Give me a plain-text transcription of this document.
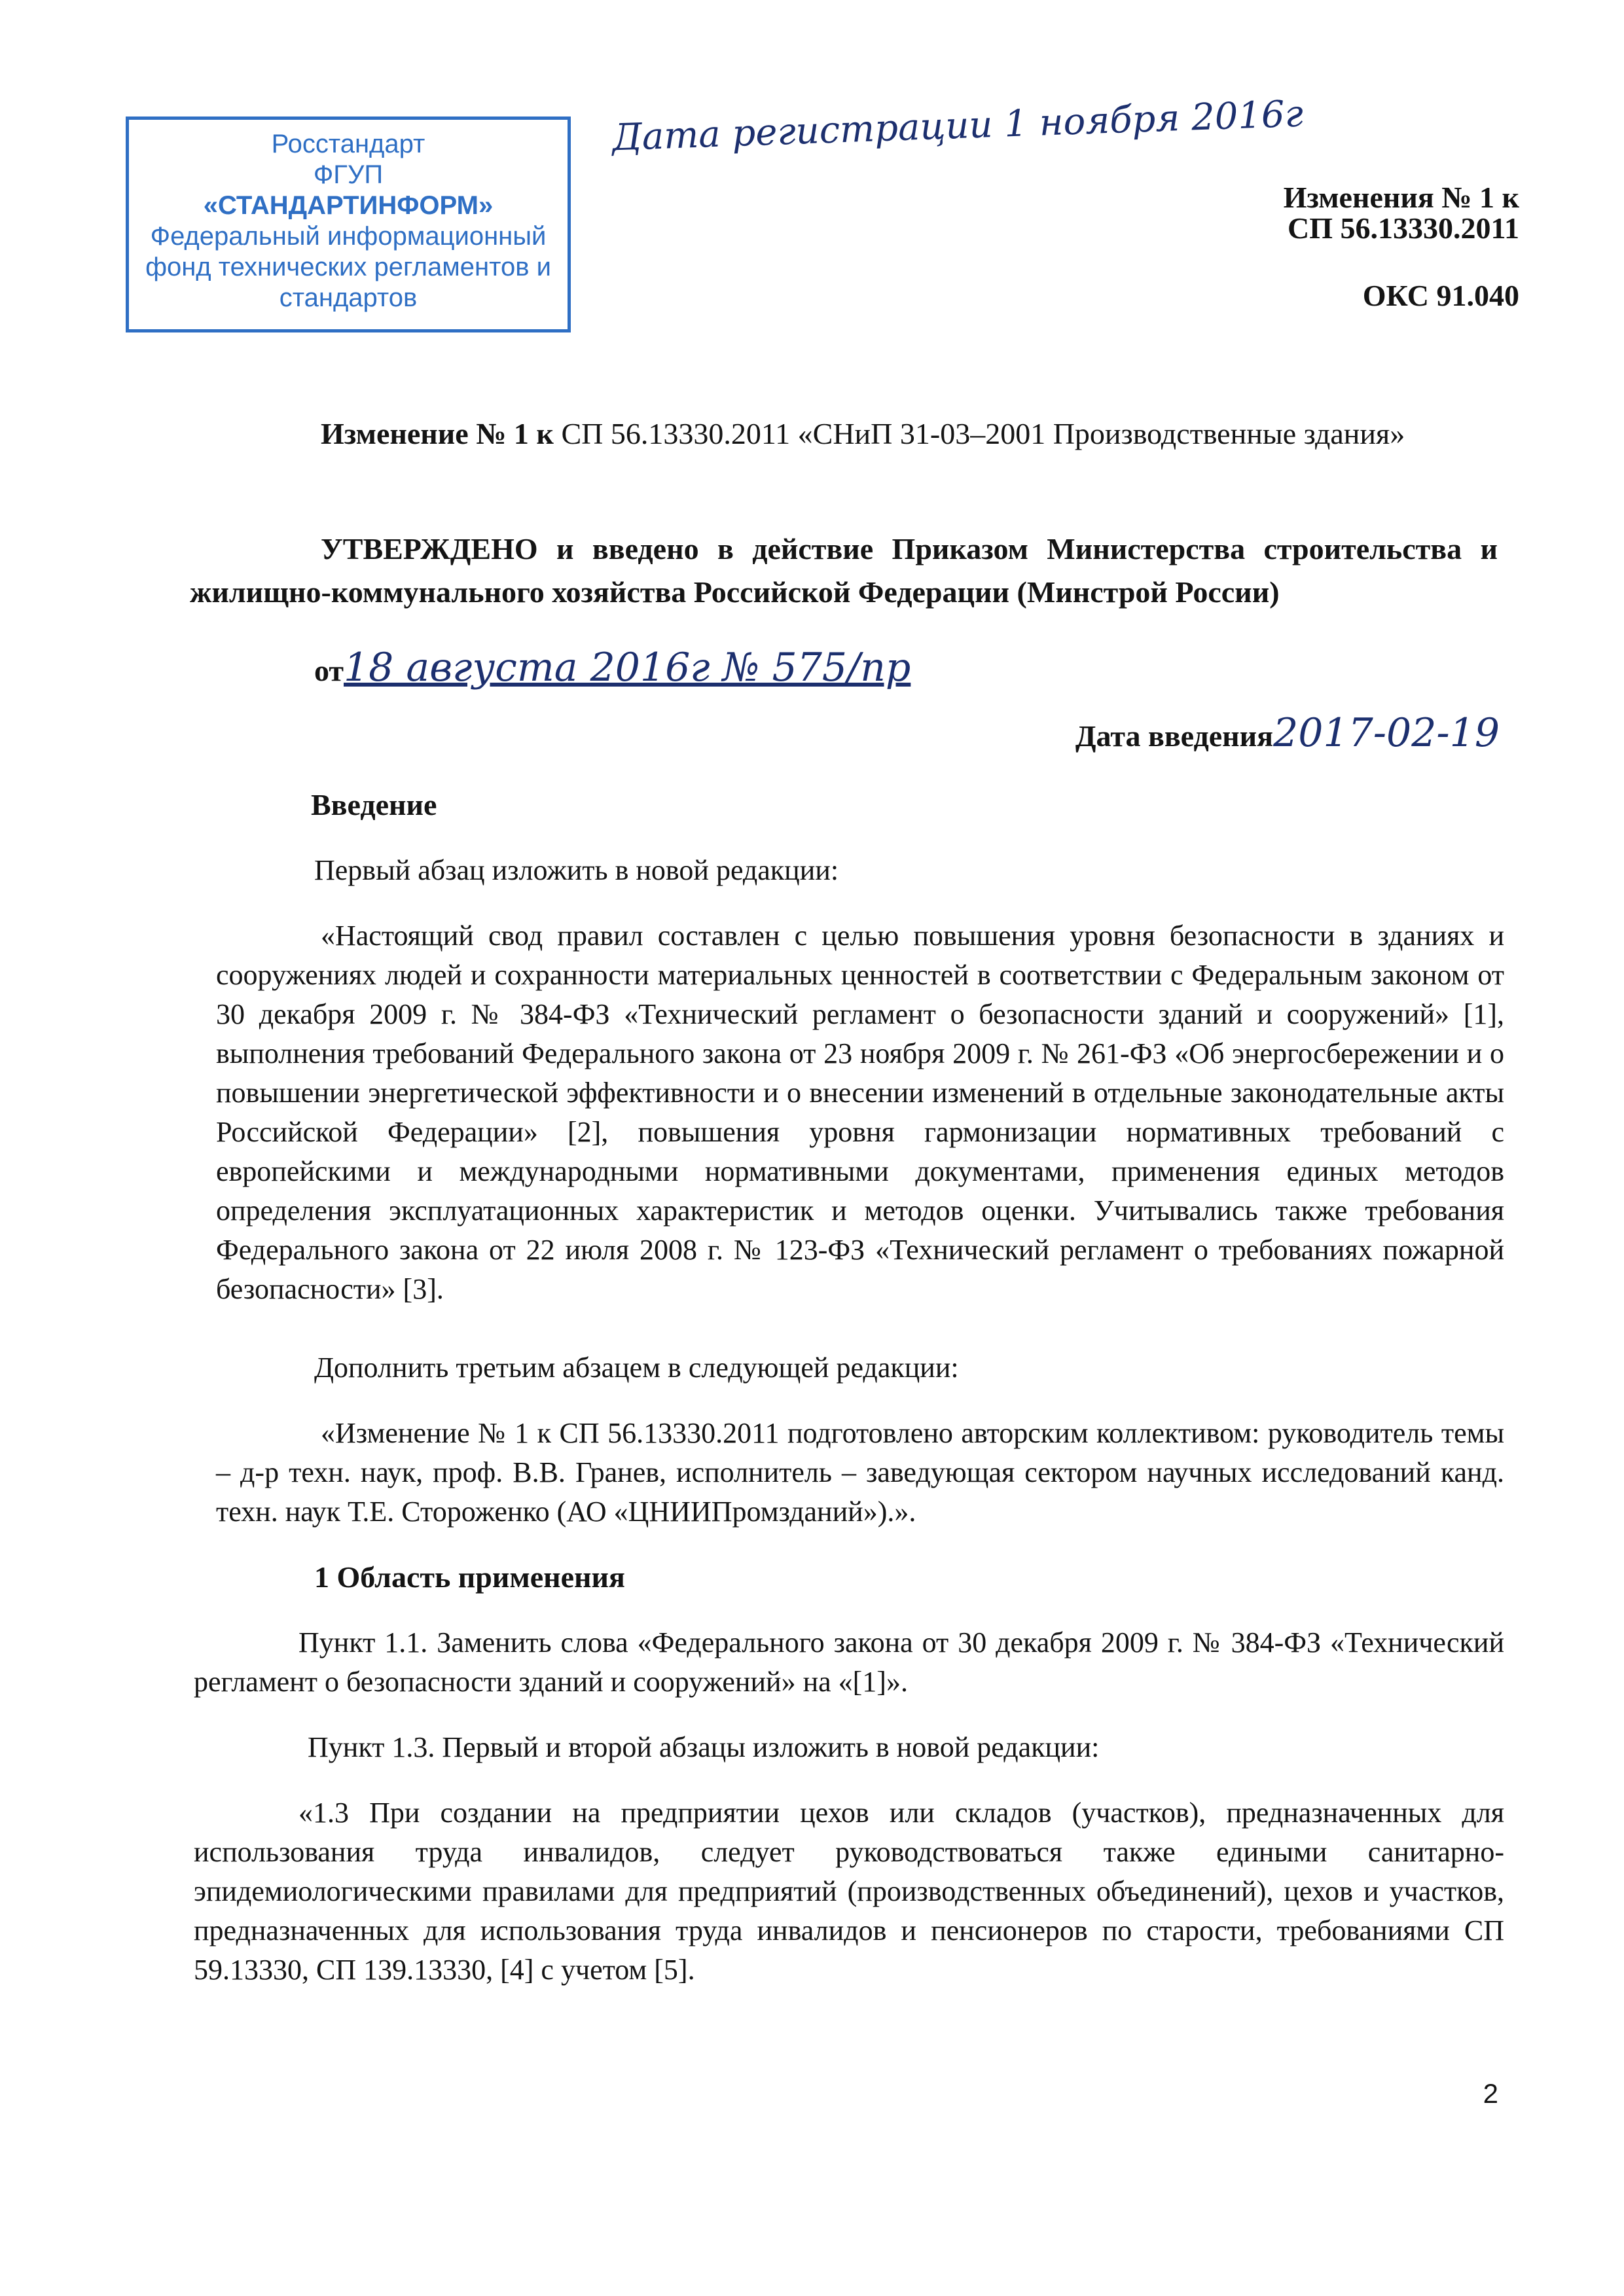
Росстандарт
ФГУП
«СТАНДАРТИНФОРМ»
Федеральный информационный
фонд технических регламентов и
стандартов
Дата регистрации 1 ноября 2016г
Изменения № 1 к
СП 56.13330.2011
ОКС 91.040
Изменение № 1 к СП 56.13330.2011 «СНиП 31-03–2001 Производственные здания»
УТВЕРЖДЕНО и введено в действие Приказом Министерства строительства и жилищно-коммунального хозяйства Российской Федерации (Минстрой России)
от18 августа 2016г № 575/пр
Дата введения2017-02-19
Введение
Первый абзац изложить в новой редакции:
«Настоящий свод правил составлен с целью повышения уровня безопасности в зданиях и сооружениях людей и сохранности материальных ценностей в соответствии с Федеральным законом от 30 декабря 2009 г. № 384-ФЗ «Технический регламент о безопасности зданий и сооружений» [1], выполнения требований Федерального закона от 23 ноября 2009 г. № 261-ФЗ «Об энергосбережении и о повышении энергетической эффективности и о внесении изменений в отдельные законодательные акты Российской Федерации» [2], повышения уровня гармонизации нормативных требований с европейскими и международными нормативными документами, применения единых методов определения эксплуатационных характеристик и методов оценки. Учитывались также требования Федерального закона от 22 июля 2008 г. № 123-ФЗ «Технический регламент о требованиях пожарной безопасности» [3].
Дополнить третьим абзацем в следующей редакции:
«Изменение № 1 к СП 56.13330.2011 подготовлено авторским коллективом: руководитель темы – д-р техн. наук, проф. В.В. Гранев, исполнитель – заведующая сектором научных исследований канд. техн. наук Т.Е. Стороженко (АО «ЦНИИПромзданий»).».
1 Область применения
Пункт 1.1. Заменить слова «Федерального закона от 30 декабря 2009 г. № 384-ФЗ «Технический регламент о безопасности зданий и сооружений» на «[1]».
Пункт 1.3. Первый и второй абзацы изложить в новой редакции:
«1.3 При создании на предприятии цехов или складов (участков), предназначенных для использования труда инвалидов, следует руководствоваться также едиными санитарно-эпидемиологическими правилами для предприятий (производственных объединений), цехов и участков, предназначенных для использования труда инвалидов и пенсионеров по старости, требованиями СП 59.13330, СП 139.13330, [4] с учетом [5].
2
